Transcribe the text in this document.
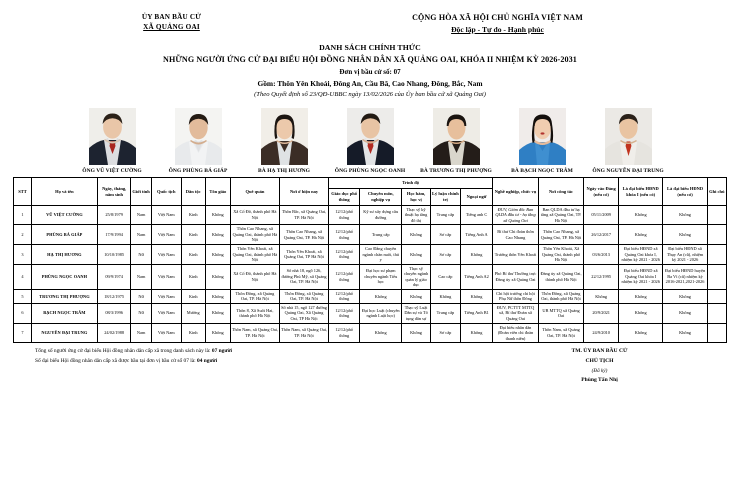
ỦY BAN BẦU CỬ
XÃ QUẢNG OAI
CỘNG HÒA XÃ HỘI CHỦ NGHĨA VIỆT NAM
Độc lập - Tự do - Hạnh phúc
DANH SÁCH CHÍNH THỨC
NHỮNG NGƯỜI ỨNG CỬ ĐẠI BIỂU HỘI ĐỒNG NHÂN DÂN XÃ QUẢNG OAI, KHÓA II NHIỆM KỲ 2026-2031
Đơn vị bầu cử số: 07
Gồm: Thôn Yên Khoái, Đông An, Cầu Bã, Cao Nhang, Đông, Bắc, Nam
(Theo Quyết định số 23/QĐ-UBBC ngày 13/02/2026 của Ủy ban bầu cử xã Quảng Oai)
ÔNG VŨ VIỆT CƯỜNG	ÔNG PHÙNG BÁ GIÁP	BÀ HẠ THỊ HƯƠNG	ÔNG PHÙNG NGỌC OANH	BÀ TRƯƠNG THỊ PHƯỢNG	BÀ BẠCH NGỌC TRÂM	ÔNG NGUYỄN ĐẠI TRUNG
STT	Họ và tên	Ngày, tháng, năm sinh	Giới tính	Quốc tịch	Dân tộc	Tôn giáo	Quê quán	Nơi ở hiện nay	Trình độ					Nghề nghiệp, chức vụ	Nơi công tác	Ngày vào Đảng (nếu có)	Là đại biểu HĐND khóa I (nếu có)	Là đại biểu HĐND (nếu có)	Ghi chú
									Giáo dục phổ thông	Chuyên môn, nghiệp vụ	Học hàm, học vị	Lý luận chính trị	Ngoại ngữ						
1	VŨ VIỆT CƯỜNG	25/8/1979	Nam	Việt Nam	Kinh	Không	Xã Cổ Đô, thành phố Hà Nội	Thôn Bắc, xã Quảng Oai, TP. Hà Nội	12/12/phổ thông	Kỹ sư xây dựng cầu đường	Thạc sỹ kỹ thuật hạ tầng đô thị	Trung cấp	Tiếng anh C	ĐUV, Giám đốc Ban QLDA đầu tư - hạ tầng xã Quảng Oai	Ban QLDA đầu tư hạ tầng xã Quảng Oai, TP. Hà Nội	05/11/2009	Không	Không	
2	PHÙNG BÁ GIÁP	17/9/1994	Nam	Việt Nam	Kinh	Không	Thôn Cao Nhang, xã Quảng Oai, thành phố Hà Nội	Thôn Cao Nhang, xã Quảng Oai, TP. Hà Nội	12/12/phổ thông	Trung cấp	Không	Sơ cấp	Tiếng Anh A	Bí thư Chi đoàn thôn Cao Nhang	Thôn Cao Nhang, xã Quảng Oai, TP. Hà Nội	26/12/2017	Không	Không	
3	HẠ THỊ HƯƠNG	10/10/1985	Nữ	Việt Nam	Kinh	Không	Thôn Yên Khoái, xã Quảng Oai, thành phố Hà Nội	Thôn Yên Khoái, xã Quảng Oai, TP Hà Nội	12/12/phổ thông	Cao Đẳng chuyên ngành chăn nuôi, thú y	Không	Sơ cấp	Không	Trưởng thôn Yên Khoái	Thôn Yên Khoái, Xã Quảng Oai, thành phố Hà Nội	03/6/2013	Đại biểu HĐND xã Quảng Oai khóa I, nhiệm kỳ 2021 - 2026	Đại biểu HĐND xã Thụy An (cũ), nhiệm kỳ 2021 - 2026	
4	PHÙNG NGỌC OANH	09/9/1974	Nam	Việt Nam	Kinh	Không	Xã Cổ Đô, thành phố Hà Nội	Số nhà 18, ngõ 126, đường Phú Mỹ, xã Quảng Oai, TP. Hà Nội	12/12/phổ thông	Đại học sư phạm chuyên ngành Tiểu học	Thạc sỹ chuyên ngành quản lý giáo dục	Cao cấp	Tiếng Anh A2	Phó Bí thư Thường trực Đảng ủy xã Quảng Oai	Đảng ủy xã Quảng Oai, thành phố Hà Nội	22/12/1995	Đại biểu HĐND xã Quảng Oai khóa I nhiệm kỳ 2021 - 2026	Đại biểu HĐND huyện Ba Vì (cũ) nhiệm kỳ 2016-2021,2021-2026	
5	TRƯƠNG THỊ PHƯỢNG	18/12/1975	Nữ	Việt Nam	Kinh	Không	Thôn Đông, xã Quảng Oai, TP. Hà Nội	Thôn Đông, xã Quảng Oai, TP. Hà Nội	12/12/phổ thông	Không	Không	Không	Không	Chi hội trưởng chi hội Phụ Nữ thôn Đông	Thôn Đông, xã Quảng Oai, thành phố Hà Nội	Không	Không	Không	
6	BẠCH NGỌC TRÂM	08/3/1996	Nữ	Việt Nam	Mường	Không	Thôn 8, Xã Suối Hai, thành phố Hà Nội	Số nhà 15, ngõ 127 đường Quảng Oai, Xã Quảng Oai, TP Hà Nội	12/12/phổ thông	Đại học Luật (chuyên ngành Luật học)	Thạc sỹ Luật Dân sự và Tố tụng dân sự	Trung cấp	Tiếng Anh B1	ĐUV, PCTTT MTTQ xã, Bí thư Đoàn xã Quảng Oai	UB MTTQ xã Quảng Oai	20/9/2021	Không	Không	
7	NGUYỄN ĐẠI TRUNG	24/02/1988	Nam	Việt Nam	Kinh	Không	Thôn Nam, xã Quảng Oai, TP. Hà Nội	Thôn Nam, xã Quảng Oai, TP. Hà Nội	12/12/phổ thông	Không	Không	Sơ cấp	Không	Đại biểu nhân dân (Đoàn viên chi đoàn thanh niên)	Thôn Nam, xã Quảng Oai, TP. Hà Nội	24/9/2010	Không	Không	
Tổng số người ứng cử đại biểu Hội đồng nhân dân cấp xã trong danh sách này là: 07 người
Số đại biểu Hội đồng nhân dân cấp xã được bầu tại đơn vị bầu cử số 07 là: 04 người
TM. ỦY BAN BẦU CỬ
CHỦ TỊCH
(Đã ký)
Phùng Tấn Nhị
